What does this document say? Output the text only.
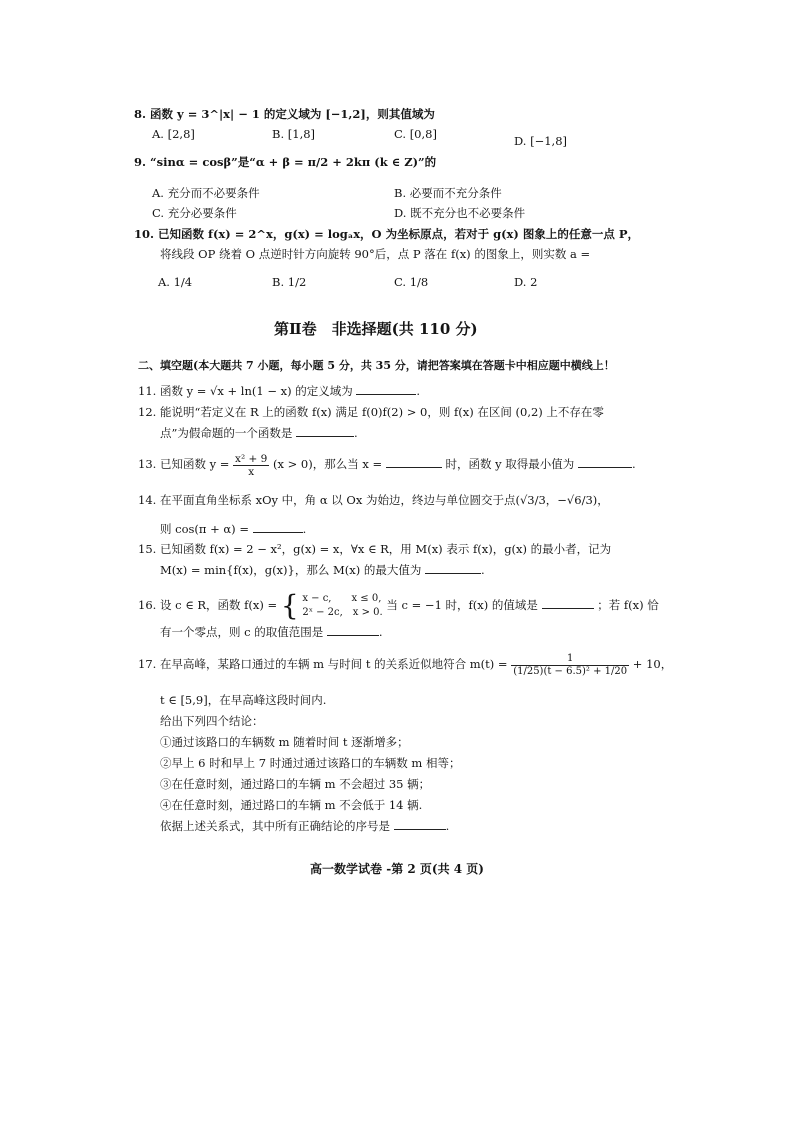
8. 函数 y = 3^|x| − 1 的定义域为 [−1,2]，则其值域为
A. [2,8]	B. [1,8]	C. [0,8]	D. [−1,8]
9. “sinα = cosβ”是“α + β = π/2 + 2kπ (k ∈ Z)”的
A. 充分而不必要条件	B. 必要而不充分条件
C. 充分必要条件	D. 既不充分也不必要条件
10. 已知函数 f(x) = 2^x，g(x) = logₐx，O 为坐标原点，若对于 g(x) 图象上的任意一点 P，
将线段 OP 绕着 O 点逆时针方向旋转 90°后，点 P 落在 f(x) 的图象上，则实数 a =
A. 1/4	B. 1/2	C. 1/8	D. 2
第Ⅱ卷　非选择题(共 110 分)
二、填空题(本大题共 7 小题，每小题 5 分，共 35 分，请把答案填在答题卡中相应题中横线上！
11. 函数 y = √x + ln(1 − x) 的定义域为	.
12. 能说明“若定义在 R 上的函数 f(x) 满足 f(0)f(2) > 0，则 f(x) 在区间 (0,2) 上不存在零
点”为假命题的一个函数是	.
13. 已知函数 $y = \frac{\text{x² + 9}}{x} (x > 0)$，那么当 x =	时，函数 y 取得最小值为	.
14. 在平面直角坐标系 xOy 中，角 α 以 Ox 为始边，终边与单位圆交于点(√3/3，−√6/3)，
则 cos(π + α) =	.
15. 已知函数 f(x) = 2 − x²，g(x) = x，∀x ∈ R，用 M(x) 表示 f(x)，g(x) 的最小者，记为
M(x) = min{f(x)，g(x)}，那么 M(x) 的最大值为	.
16. 设 c ∈ R，函数 f(x) = { x − c,　　x ≤ 0,
2ˣ − 2c,　x > 0.
当 c = −1 时，f(x) 的值域是	；若 f(x) 恰
有一个零点，则 c 的取值范围是	.
17. 在早高峰，某路口通过的车辆 m 与时间 t 的关系近似地符合 $m(t) = \frac{1}{\text{(1/25)(t − 6.5)² + 1/20}} + 10$，
t ∈ [5,9]，在早高峰这段时间内.
给出下列四个结论：
①通过该路口的车辆数 m 随着时间 t 逐渐增多；
②早上 6 时和早上 7 时通过通过该路口的车辆数 m 相等；
③在任意时刻，通过路口的车辆 m 不会超过 35 辆；
④在任意时刻，通过路口的车辆 m 不会低于 14 辆.
依据上述关系式，其中所有正确结论的序号是	.
高一数学试卷 -第 2 页(共 4 页)
